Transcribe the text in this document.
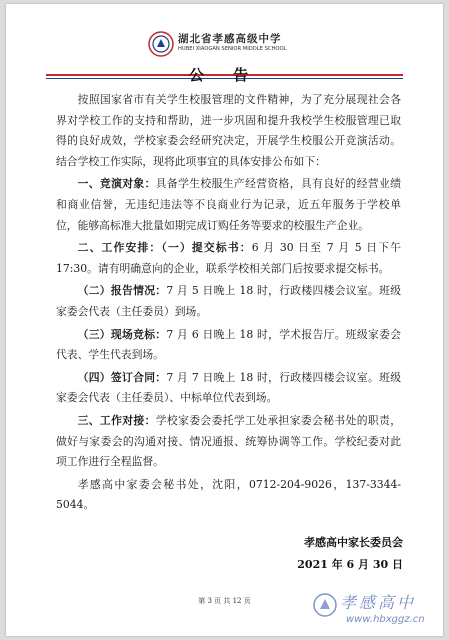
湖北省孝感高级中学
HUBEI XIAOGAN SENIOR MIDDLE SCHOOL
公 告

按照国家省市有关学生校服管理的文件精神，为了充分展现社会各界对学校工作的支持和帮助，进一步巩固和提升我校学生校服管理已取得的良好成效，学校家委会经研究决定，开展学生校服公开竞演活动。结合学校工作实际，现将此项事宜的具体安排公布如下：

一、竞演对象：具备学生校服生产经营资格，具有良好的经营业绩和商业信誉，无违纪违法等不良商业行为记录，近五年服务于学校单位，能够高标准大批量如期完成订购任务等要求的校服生产企业。

二、工作安排：（一）提交标书：6 月 30 日至 7 月 5 日下午 17:30。请有明确意向的企业，联系学校相关部门后按要求提交标书。

（二）报告情况：7 月 5 日晚上 18 时，行政楼四楼会议室。班级家委会代表（主任委员）到场。

（三）现场竞标：7 月 6 日晚上 18 时，学术报告厅。班级家委会代表、学生代表到场。

（四）签订合同：7 月 7 日晚上 18 时，行政楼四楼会议室。班级家委会代表（主任委员）、中标单位代表到场。

三、工作对接：学校家委会委托学工处承担家委会秘书处的职责，做好与家委会的沟通对接、情况通报、统筹协调等工作。学校纪委对此项工作进行全程监督。

孝感高中家委会秘书处，沈阳，0712-204-9026，137-3344-5044。

孝感高中家长委员会
2021 年 6 月 30 日
第 3 页 共 12 页	孝感高中
www.hbxggz.cn
